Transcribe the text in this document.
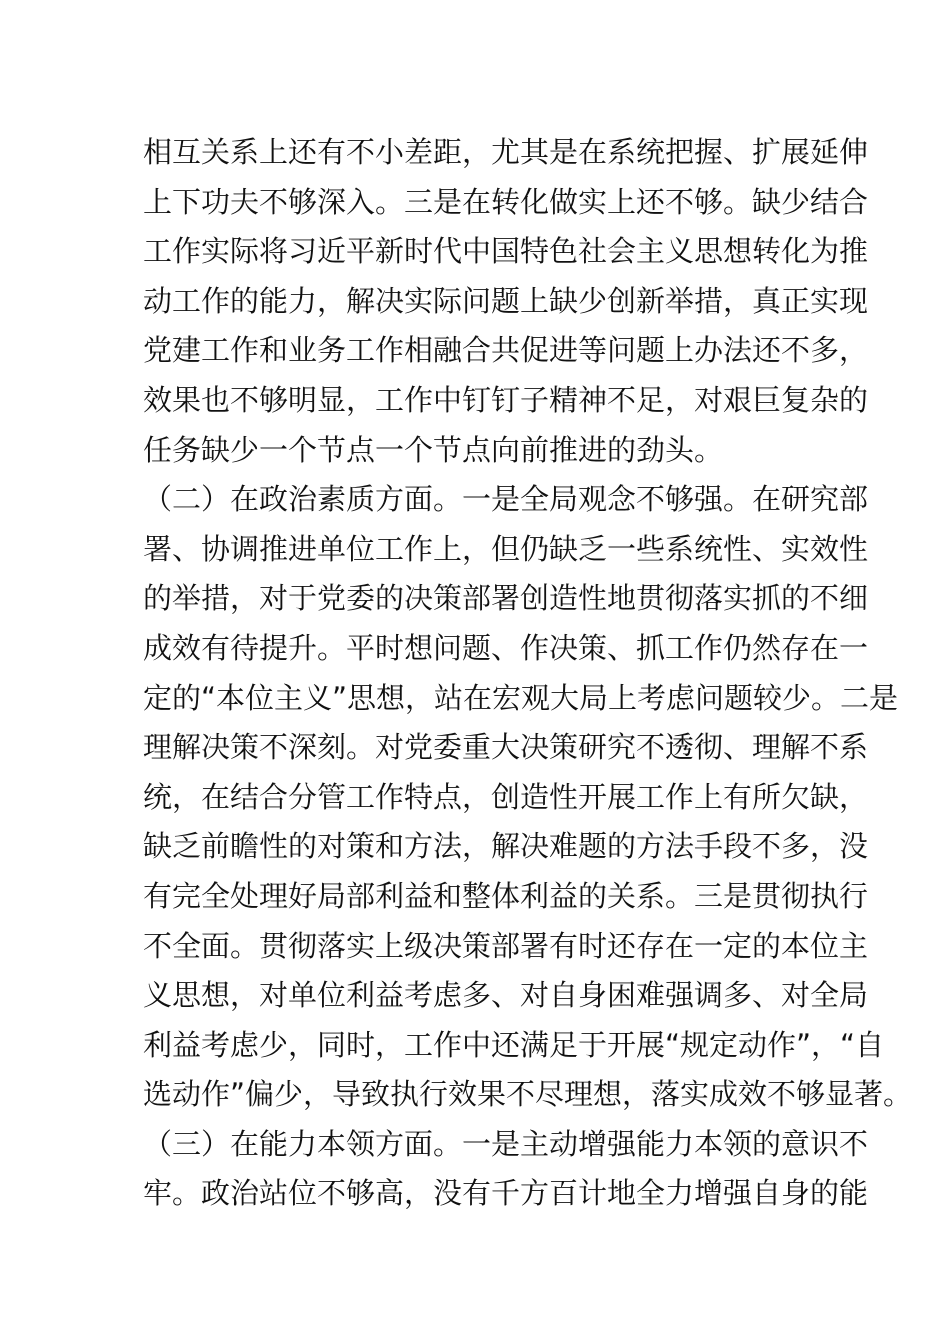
相互关系上还有不小差距，尤其是在系统把握、扩展延伸
上下功夫不够深入。三是在转化做实上还不够。缺少结合
工作实际将习近平新时代中国特色社会主义思想转化为推
动工作的能力，解决实际问题上缺少创新举措，真正实现
党建工作和业务工作相融合共促进等问题上办法还不多，
效果也不够明显，工作中钉钉子精神不足，对艰巨复杂的
任务缺少一个节点一个节点向前推进的劲头。
（二）在政治素质方面。一是全局观念不够强。在研究部
署、协调推进单位工作上，但仍缺乏一些系统性、实效性
的举措，对于党委的决策部署创造性地贯彻落实抓的不细
成效有待提升。平时想问题、作决策、抓工作仍然存在一
定的“本位主义”思想，站在宏观大局上考虑问题较少。二是
理解决策不深刻。对党委重大决策研究不透彻、理解不系
统，在结合分管工作特点，创造性开展工作上有所欠缺，
缺乏前瞻性的对策和方法，解决难题的方法手段不多，没
有完全处理好局部利益和整体利益的关系。三是贯彻执行
不全面。贯彻落实上级决策部署有时还存在一定的本位主
义思想，对单位利益考虑多、对自身困难强调多、对全局
利益考虑少，同时，工作中还满足于开展“规定动作”，“自
选动作”偏少，导致执行效果不尽理想，落实成效不够显著。
（三）在能力本领方面。一是主动增强能力本领的意识不
牢。政治站位不够高，没有千方百计地全力增强自身的能
